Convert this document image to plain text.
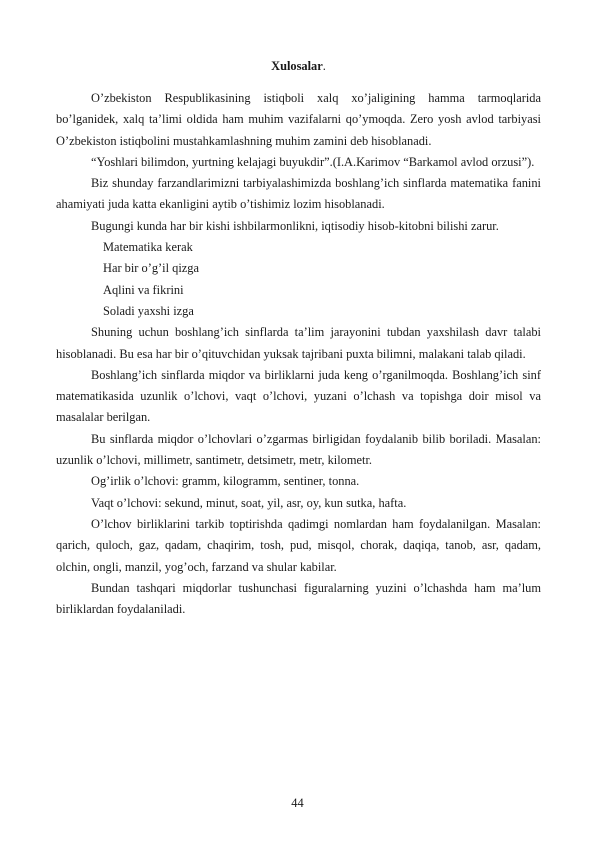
Xulosalar.

O’zbekiston Respublikasining istiqboli xalq xo’jaligining hamma tarmoqlarida bo’lganidek, xalq ta’limi oldida ham muhim vazifalarni qo’ymoqda. Zero yosh avlod tarbiyasi O’zbekiston istiqbolini mustahkamlashning muhim zamini deb hisoblanadi.

“Yoshlari bilimdon, yurtning kelajagi buyukdir”.(I.A.Karimov “Barkamol avlod orzusi”).

Biz shunday farzandlarimizni tarbiyalashimizda boshlang’ich sinflarda matematika fanini ahamiyati juda katta ekanligini aytib o’tishimiz lozim hisoblanadi.

Bugungi kunda har bir kishi ishbilarmonlikni, iqtisodiy hisob-kitobni bilishi zarur.

Matematika kerak
Har bir o’g’il qizga
Aqlini va fikrini
Soladi yaxshi izga

Shuning uchun boshlang’ich sinflarda ta’lim jarayonini tubdan yaxshilash davr talabi hisoblanadi. Bu esa har bir o’qituvchidan yuksak tajribani puxta bilimni, malakani talab qiladi.

Boshlang’ich sinflarda miqdor va birliklarni juda keng o’rganilmoqda. Boshlang’ich sinf matematikasida uzunlik o’lchovi, vaqt o’lchovi, yuzani o’lchash va topishga doir misol va masalalar berilgan.

Bu sinflarda miqdor o’lchovlari o’zgarmas birligidan foydalanib bilib boriladi. Masalan: uzunlik o’lchovi, millimetr, santimetr, detsimetr, metr, kilometr.

Og’irlik o’lchovi: gramm, kilogramm, sentiner, tonna.

Vaqt o’lchovi: sekund, minut, soat, yil, asr, oy, kun sutka, hafta.

O’lchov birliklarini tarkib toptirishda qadimgi nomlardan ham foydalanilgan. Masalan: qarich, quloch, gaz, qadam, chaqirim, tosh, pud, misqol, chorak, daqiqa, tanob, asr, qadam, olchin, ongli, manzil, yog’och, farzand va shular kabilar.

Bundan tashqari miqdorlar tushunchasi figuralarning yuzini o’lchashda ham ma’lum birliklardan foydalaniladi.

44
